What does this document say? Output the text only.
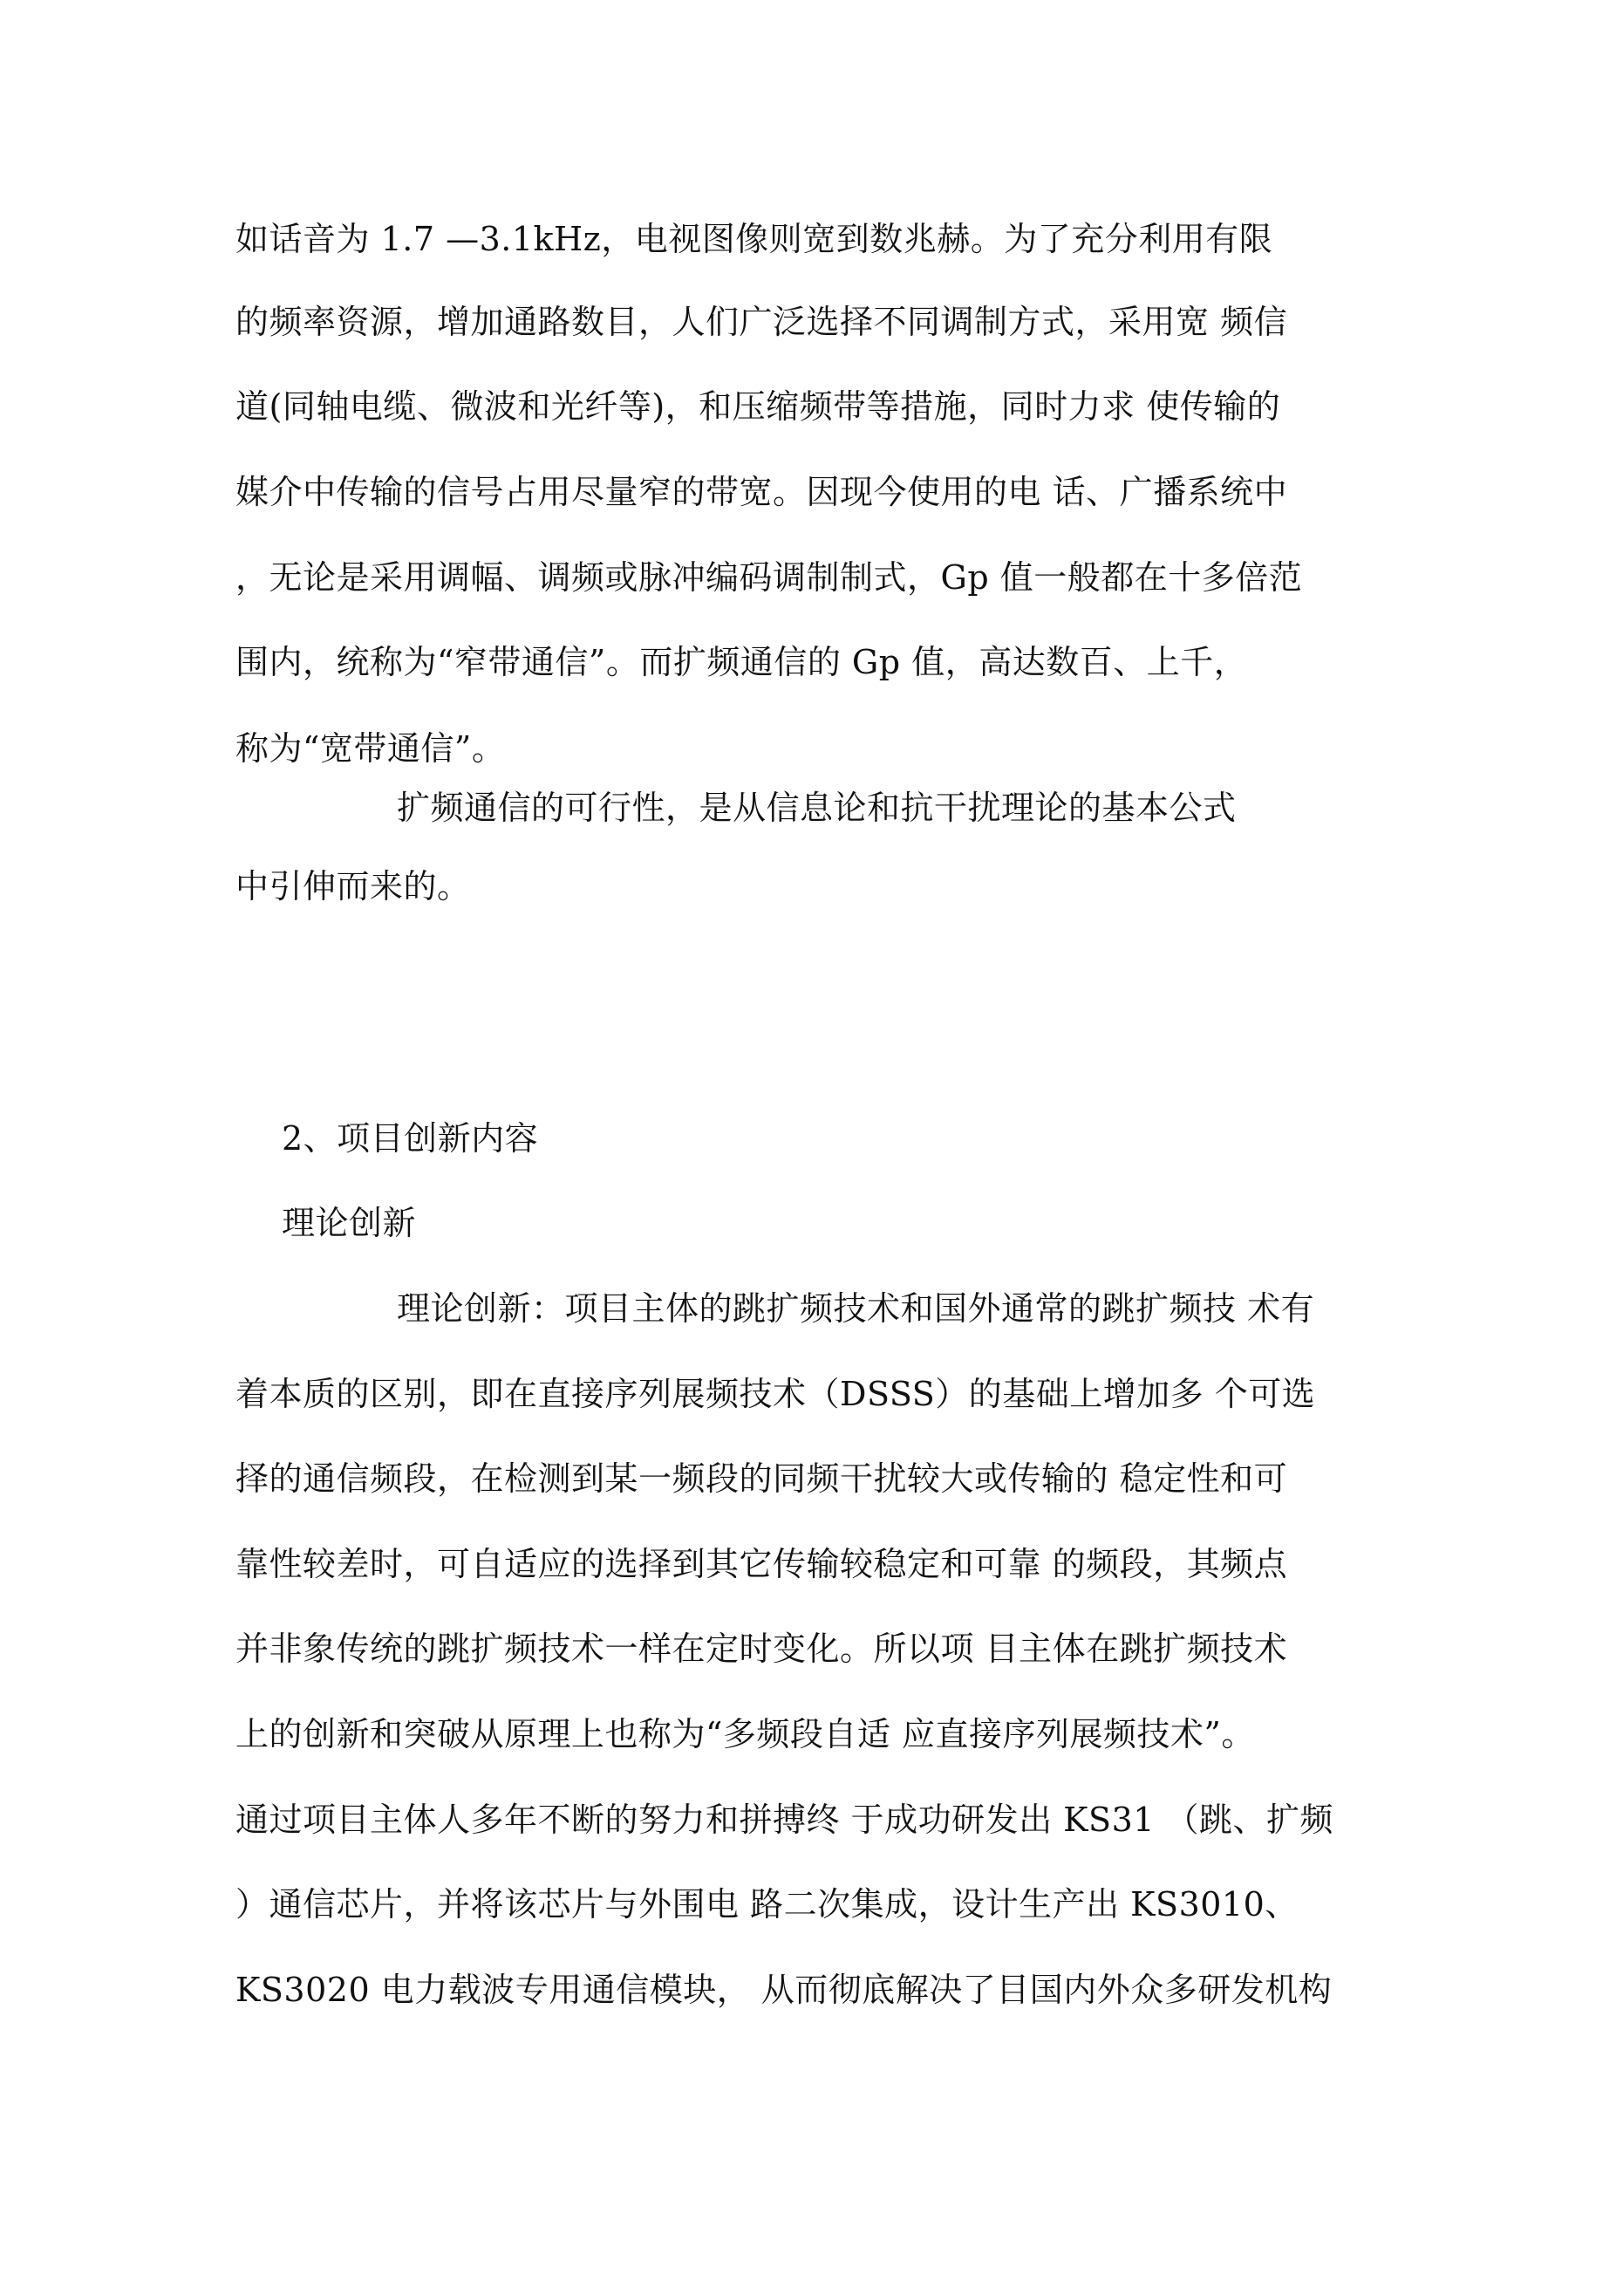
如话音为 1.7 —3.1kHz，电视图像则宽到数兆赫。为了充分利用有限
的频率资源，增加通路数目，人们广泛选择不同调制方式，采用宽 频信
道(同轴电缆、微波和光纤等)，和压缩频带等措施，同时力求 使传输的
媒介中传输的信号占用尽量窄的带宽。因现今使用的电 话、广播系统中
，无论是采用调幅、调频或脉冲编码调制制式，Gp 值一般都在十多倍范
围内，统称为“窄带通信”。而扩频通信的 Gp 值，高达数百、上千，
称为“宽带通信”。
扩频通信的可行性，是从信息论和抗干扰理论的基本公式
中引伸而来的。
2、项目创新内容
理论创新
理论创新：项目主体的跳扩频技术和国外通常的跳扩频技 术有
着本质的区别，即在直接序列展频技术（DSSS）的基础上增加多 个可选
择的通信频段，在检测到某一频段的同频干扰较大或传输的 稳定性和可
靠性较差时，可自适应的选择到其它传输较稳定和可靠 的频段，其频点
并非象传统的跳扩频技术一样在定时变化。所以项 目主体在跳扩频技术
上的创新和突破从原理上也称为“多频段自适 应直接序列展频技术”。
通过项目主体人多年不断的努力和拼搏终 于成功研发出 KS31 （跳、扩频
）通信芯片，并将该芯片与外围电 路二次集成，设计生产出 KS3010、
KS3020 电力载波专用通信模块， 从而彻底解决了目国内外众多研发机构
